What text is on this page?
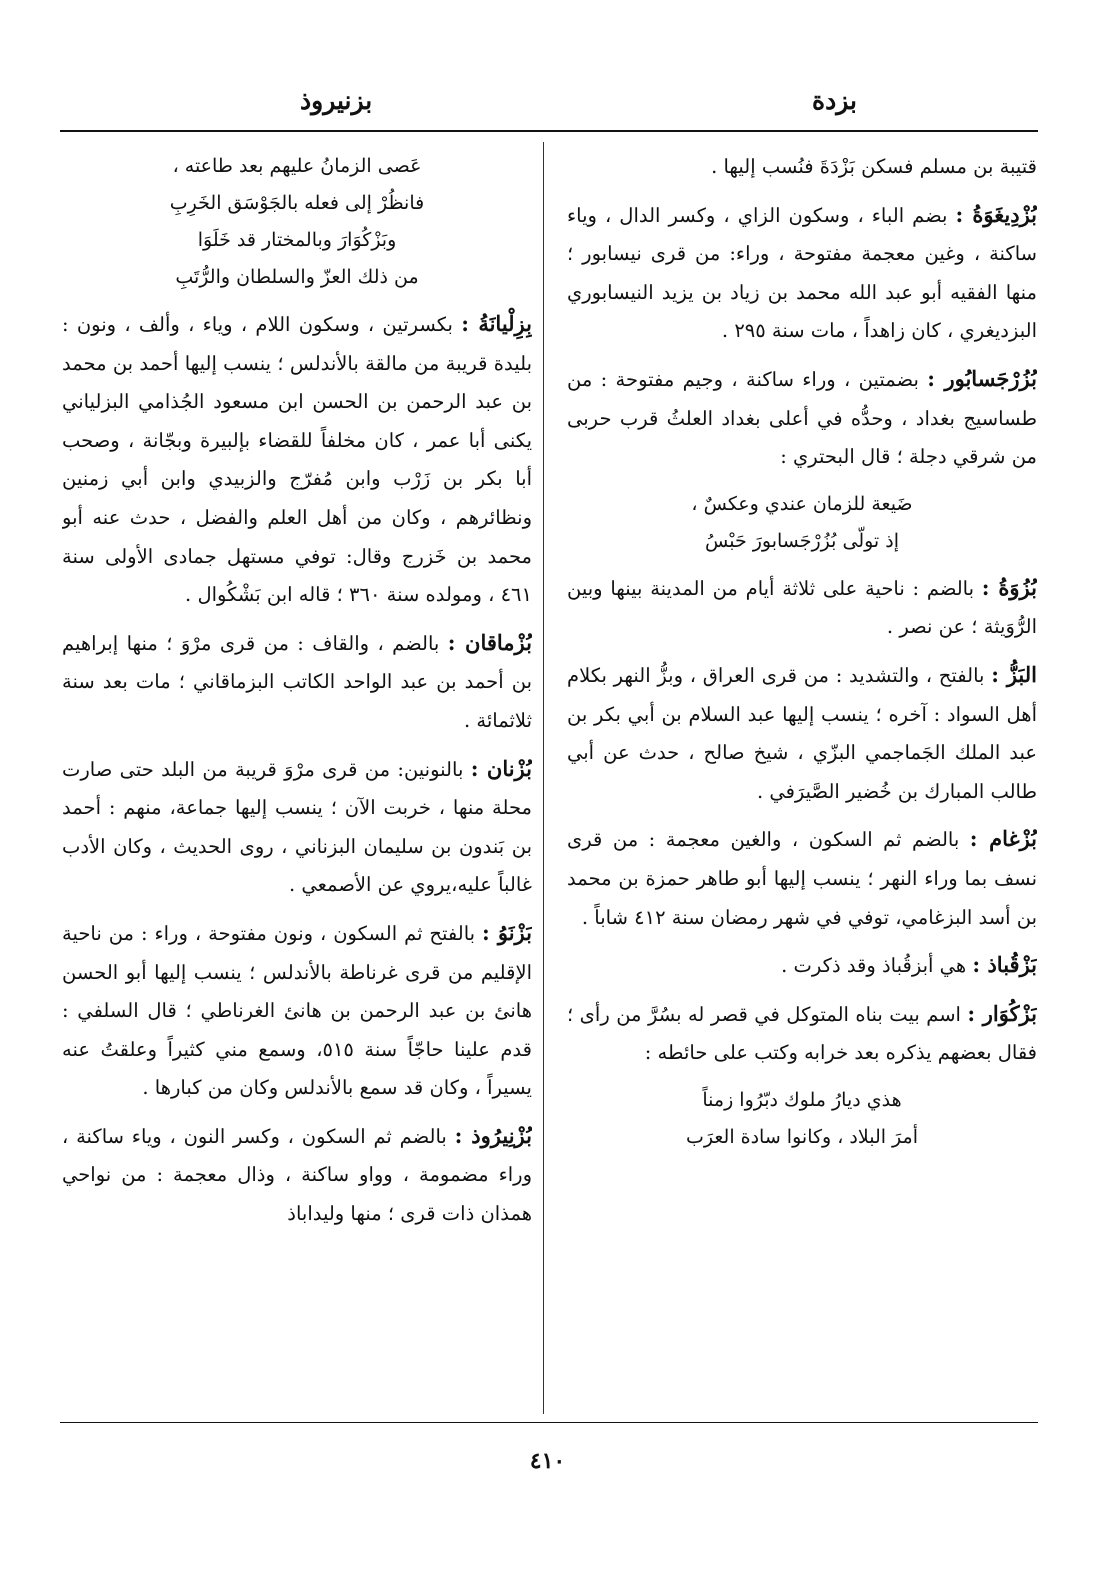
بزدة
بزنيروذ

قتيبة بن مسلم فسكن بَزْدَةَ فنُسب إليها .

بُزْدِيغَوَةُ : بضم الباء ، وسكون الزاي ، وكسر الدال ، وياء ساكنة ، وغين معجمة مفتوحة ، وراء: من قرى نيسابور ؛ منها الفقيه أبو عبد الله محمد بن زياد بن يزيد النيسابوري البزديغري ، كان زاهداً ، مات سنة ٢٩٥ .

بُزُرْجَسابُور : بضمتين ، وراء ساكنة ، وجيم مفتوحة : من طساسيج بغداد ، وحدُّه في أعلى بغداد العلثُ قرب حربى من شرقي دجلة ؛ قال البحتري :

ضَيعة للزمان عندي وعكسٌ ،
إذ تولّى بُزُرْجَسابورَ حَبْسُ

بُزُوَةُ : بالضم : ناحية على ثلاثة أيام من المدينة بينها وبين الرُّوَيثة ؛ عن نصر .

البَزُّ : بالفتح ، والتشديد : من قرى العراق ، وبزُّ النهر بكلام أهل السواد : آخره ؛ ينسب إليها عبد السلام بن أبي بكر بن عبد الملك الجَماجمي البزّي ، شيخ صالح ، حدث عن أبي طالب المبارك بن خُضير الصَّيرَفي .

بُزْغام : بالضم ثم السكون ، والغين معجمة : من قرى نسف بما وراء النهر ؛ ينسب إليها أبو طاهر حمزة بن محمد بن أسد البزغامي، توفي في شهر رمضان سنة ٤١٢ شاباً .

بَزْقُباذ : هي أبزقُباذ وقد ذكرت .

بَزْكُوَار : اسم بيت بناه المتوكل في قصر له بسُرَّ من رأى ؛ فقال بعضهم يذكره بعد خرابه وكتب على حائطه :

هذي ديارُ ملوك دبّرُوا زمناً
أمرَ البلاد ، وكانوا سادة العرَب
عَصى الزمانُ عليهم بعد طاعته ،
فانظُرْ إلى فعله بالجَوْسَق الخَرِبِ
وبَزْكُوَارَ وبالمختار قد خَلَوَا
من ذلك العزّ والسلطان والرُّتَبِ

بِزِلْيانَةُ : بكسرتين ، وسكون اللام ، وياء ، وألف ، ونون : بليدة قريبة من مالقة بالأندلس ؛ ينسب إليها أحمد بن محمد بن عبد الرحمن بن الحسن ابن مسعود الجُذامي البزلياني يكنى أبا عمر ، كان مخلفاً للقضاء بإلبيرة وبجّانة ، وصحب أبا بكر بن زَرْب وابن مُفرّج والزبيدي وابن أبي زمنين ونظائرهم ، وكان من أهل العلم والفضل ، حدث عنه أبو محمد بن خَزرج وقال: توفي مستهل جمادى الأولى سنة ٤٦١ ، ومولده سنة ٣٦٠ ؛ قاله ابن بَشْكُوال .

بُزْماقان : بالضم ، والقاف : من قرى مرْوَ ؛ منها إبراهيم بن أحمد بن عبد الواحد الكاتب البزماقاني ؛ مات بعد سنة ثلاثمائة .

بُزْنان : بالنونين: من قرى مرْوَ قريبة من البلد حتى صارت محلة منها ، خربت الآن ؛ ينسب إليها جماعة، منهم : أحمد بن بَندون بن سليمان البزناني ، روى الحديث ، وكان الأدب غالباً عليه،يروي عن الأصمعي .

بَزْنَوُ : بالفتح ثم السكون ، ونون مفتوحة ، وراء : من ناحية الإقليم من قرى غرناطة بالأندلس ؛ ينسب إليها أبو الحسن هانئ بن عبد الرحمن بن هانئ الغرناطي ؛ قال السلفي : قدم علينا حاجّاً سنة ٥١٥، وسمع مني كثيراً وعلقتُ عنه يسيراً ، وكان قد سمع بالأندلس وكان من كبارها .

بُزْنِيرُوذ : بالضم ثم السكون ، وكسر النون ، وياء ساكنة ، وراء مضمومة ، وواو ساكنة ، وذال معجمة : من نواحي همذان ذات قرى ؛ منها وليداباذ

٤١٠
